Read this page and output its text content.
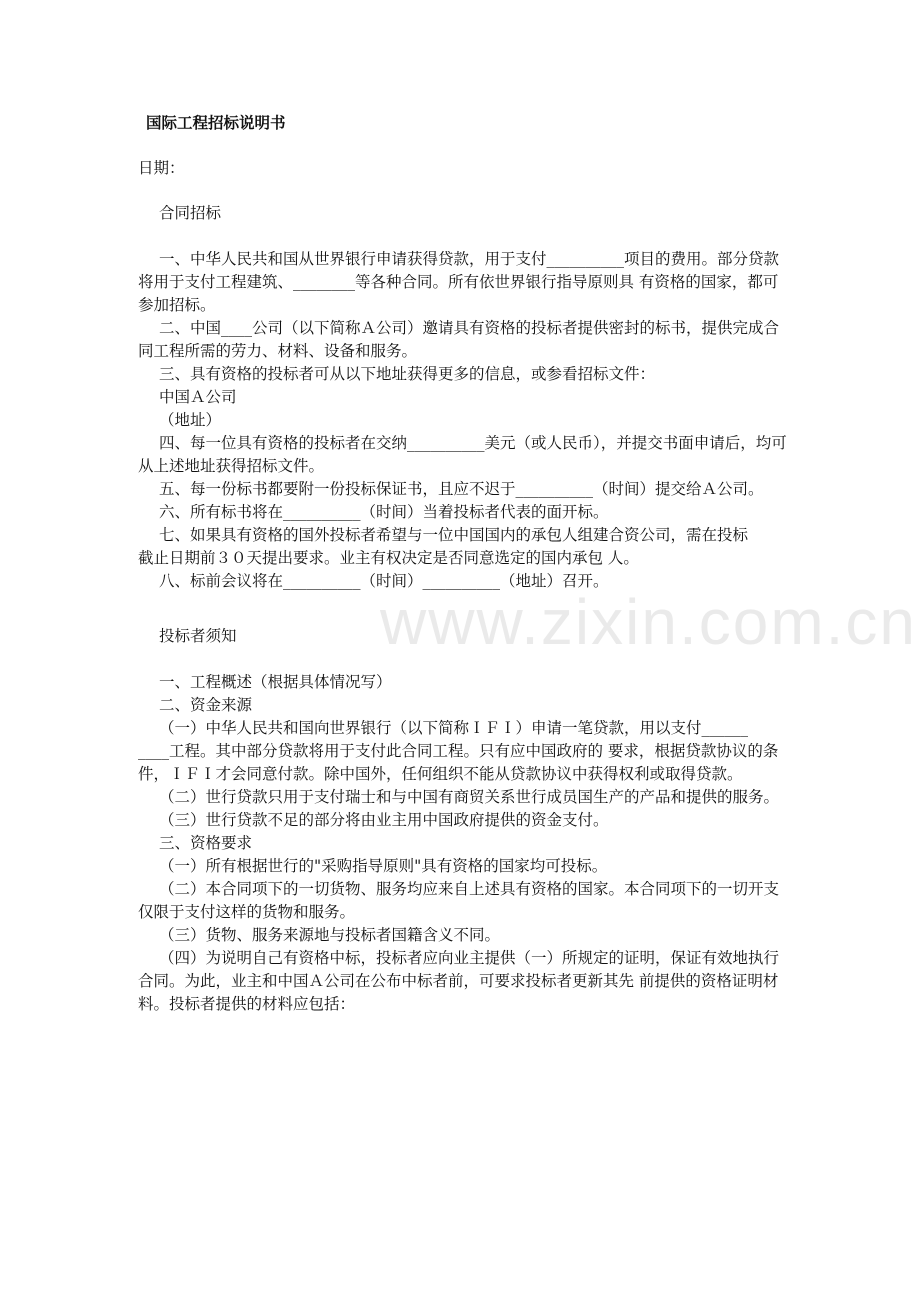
www.zixin.com.cn
国际工程招标说明书
日期：
合同招标

一、中华人民共和国从世界银行申请获得贷款，用于支付__________项目的费用。部分贷款将用于支付工程建筑、________等各种合同。所有依世界银行指导原则具 有资格的国家，都可参加招标。

二、中国____公司（以下简称Ａ公司）邀请具有资格的投标者提供密封的标书，提供完成合同工程所需的劳力、材料、设备和服务。

三、具有资格的投标者可从以下地址获得更多的信息，或参看招标文件：

中国Ａ公司

（地址）

四、每一位具有资格的投标者在交纳__________美元（或人民币），并提交书面申请后，均可从上述地址获得招标文件。

五、每一份标书都要附一份投标保证书，且应不迟于__________（时间）提交给Ａ公司。

六、所有标书将在__________（时间）当着投标者代表的面开标。

七、如果具有资格的国外投标者希望与一位中国国内的承包人组建合资公司，需在投标

截止日期前３０天提出要求。业主有权决定是否同意选定的国内承包 人。

八、标前会议将在__________（时间）__________（地址）召开。

投标者须知

一、工程概述（根据具体情况写）

二、资金来源

（一）中华人民共和国向世界银行（以下简称ＩＦＩ）申请一笔贷款，用以支付______

____工程。其中部分贷款将用于支付此合同工程。只有应中国政府的 要求，根据贷款协议的条件，ＩＦＩ才会同意付款。除中国外，任何组织不能从贷款协议中获得权利或取得贷款。

（二）世行贷款只用于支付瑞士和与中国有商贸关系世行成员国生产的产品和提供的服务。

（三）世行贷款不足的部分将由业主用中国政府提供的资金支付。

三、资格要求

（一）所有根据世行的"采购指导原则"具有资格的国家均可投标。

（二）本合同项下的一切货物、服务均应来自上述具有资格的国家。本合同项下的一切开支仅限于支付这样的货物和服务。

（三）货物、服务来源地与投标者国籍含义不同。

（四）为说明自己有资格中标，投标者应向业主提供（一）所规定的证明，保证有效地执行合同。为此，业主和中国Ａ公司在公布中标者前，可要求投标者更新其先 前提供的资格证明材料。投标者提供的材料应包括：
